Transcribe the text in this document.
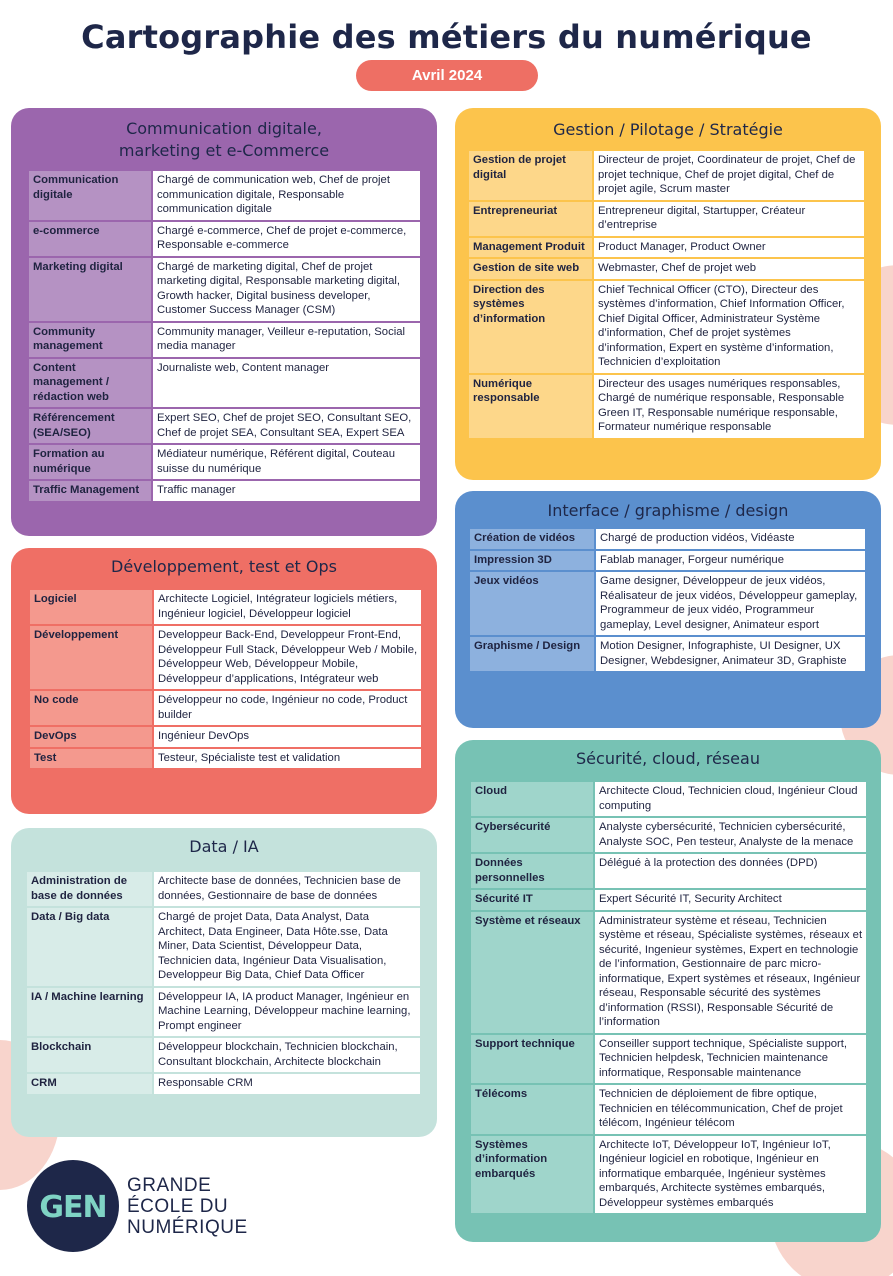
Cartographie des métiers du numérique
Avril 2024
Communication digitale,
marketing et e-Commerce
Communication digitale	Chargé de communication web, Chef de projet communication digitale, Responsable communication digitale
e-commerce	Chargé e-commerce, Chef de projet e-commerce, Responsable e-commerce
Marketing digital	Chargé de marketing digital, Chef de projet marketing digital, Responsable marketing digital, Growth hacker, Digital business developer, Customer Success Manager (CSM)
Community management	Community manager, Veilleur e-reputation, Social media manager
Content management / rédaction web	Journaliste web, Content manager
Référencement (SEA/SEO)	Expert SEO, Chef de projet SEO, Consultant SEO, Chef de projet SEA, Consultant SEA, Expert SEA
Formation au numérique	Médiateur numérique, Référent digital, Couteau suisse du numérique
Traffic Management	Traffic manager
Gestion / Pilotage / Stratégie
Gestion de projet digital	Directeur de projet, Coordinateur de projet, Chef de projet technique, Chef de projet digital, Chef de projet agile, Scrum master
Entrepreneuriat	Entrepreneur digital, Startupper, Créateur d’entreprise
Management Produit	Product Manager, Product Owner
Gestion de site web	Webmaster, Chef de projet web
Direction des systèmes d’information	Chief Technical Officer (CTO), Directeur des systèmes d’information, Chief Information Officer, Chief Digital Officer, Administrateur Système d’information, Chef de projet systèmes d’information, Expert en système d’information, Technicien d’exploitation
Numérique responsable	Directeur des usages numériques responsables, Chargé de numérique responsable, Responsable Green IT, Responsable numérique responsable, Formateur numérique responsable
Développement, test et Ops
Logiciel	Architecte Logiciel, Intégrateur logiciels métiers, Ingénieur logiciel, Développeur logiciel
Développement	Developpeur Back-End, Developpeur Front-End, Développeur Full Stack, Développeur Web / Mobile, Développeur Web, Développeur Mobile, Développeur d’applications, Intégrateur web
No code	Développeur no code, Ingénieur no code, Product builder
DevOps	Ingénieur DevOps
Test	Testeur, Spécialiste test et validation
Interface / graphisme / design
Création de vidéos	Chargé de production vidéos, Vidéaste
Impression 3D	Fablab manager, Forgeur numérique
Jeux vidéos	Game designer, Développeur de jeux vidéos, Réalisateur de jeux vidéos, Développeur gameplay, Programmeur de jeux vidéo, Programmeur gameplay, Level designer, Animateur esport
Graphisme / Design	Motion Designer, Infographiste, UI Designer, UX Designer, Webdesigner, Animateur 3D, Graphiste
Data / IA
Administration de base de données	Architecte base de données, Technicien base de données, Gestionnaire de base de données
Data / Big data	Chargé de projet Data, Data Analyst, Data Architect, Data Engineer, Data Hôte.sse, Data Miner, Data Scientist, Développeur Data, Technicien data, Ingénieur Data Visualisation, Developpeur Big Data, Chief Data Officer
IA / Machine learning	Développeur IA, IA product Manager, Ingénieur en Machine Learning, Développeur machine learning, Prompt engineer
Blockchain	Développeur blockchain, Technicien blockchain, Consultant blockchain, Architecte blockchain
CRM	Responsable CRM
Sécurité, cloud, réseau
Cloud	Architecte Cloud, Technicien cloud, Ingénieur Cloud computing
Cybersécurité	Analyste cybersécurité, Technicien cybersécurité, Analyste SOC, Pen testeur, Analyste de la menace
Données personnelles	Délégué à la protection des données (DPD)
Sécurité IT	Expert Sécurité IT, Security Architect
Système et réseaux	Administrateur système et réseau, Technicien système et réseau, Spécialiste systèmes, réseaux et sécurité, Ingenieur systèmes, Expert en technologie de l’information, Gestionnaire de parc micro-informatique, Expert systèmes et réseaux, Ingénieur réseau, Responsable sécurité des systèmes d’information (RSSI), Responsable Sécurité de l’information
Support technique	Conseiller support technique, Spécialiste support, Technicien helpdesk, Technicien maintenance informatique, Responsable maintenance
Télécoms	Technicien de déploiement de fibre optique, Technicien en télécommunication, Chef de projet télécom, Ingénieur télécom
Systèmes d’information embarqués	Architecte IoT, Développeur IoT, Ingénieur IoT, Ingénieur logiciel en robotique, Ingénieur en informatique embarquée, Ingénieur systèmes embarqués, Architecte systèmes embarqués, Développeur systèmes embarqués
GEN
GRANDE
ÉCOLE DU
NUMÉRIQUE
